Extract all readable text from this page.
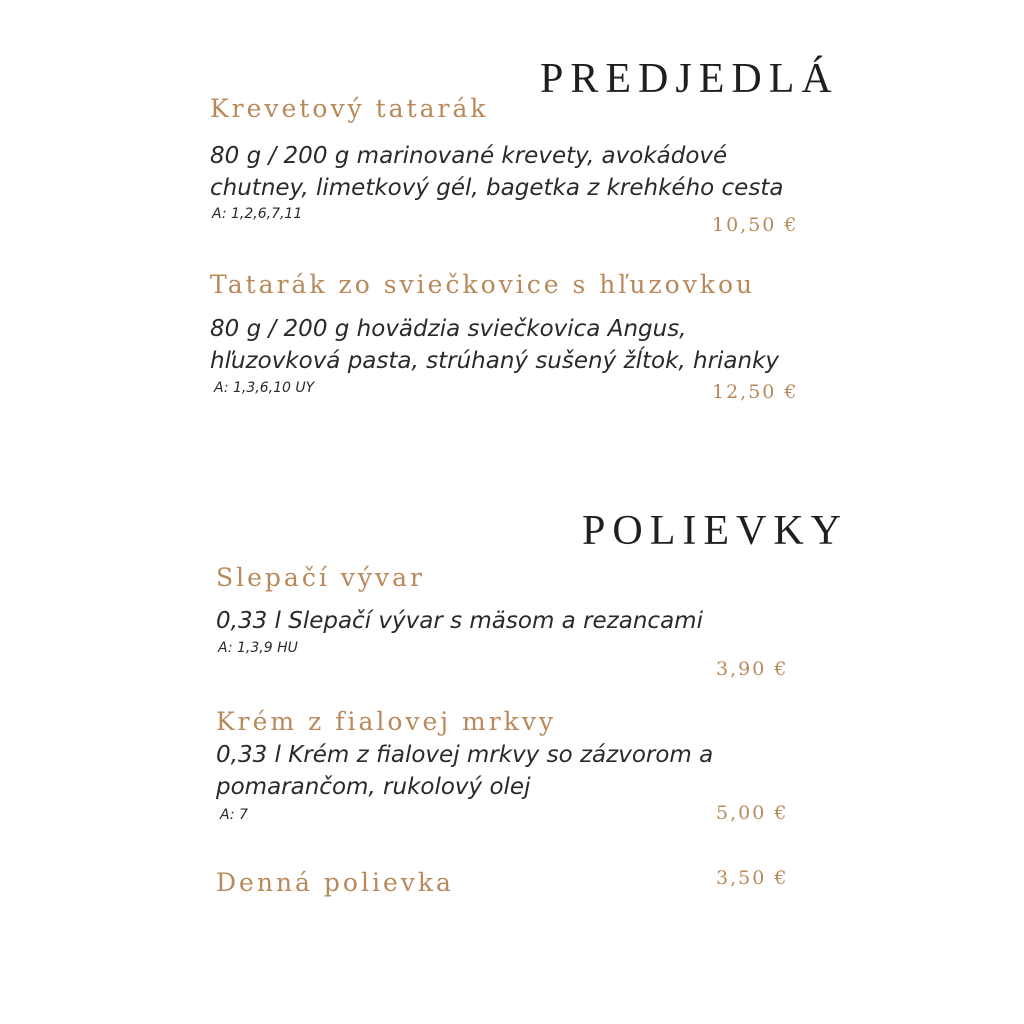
PREDJEDLÁ
Krevetový tatarák
80 g / 200 g marinované krevety, avokádové
chutney, limetkový gél, bagetka z krehkého cesta
A: 1,2,6,7,11	10,50 €
Tatarák zo sviečkovice s hľuzovkou
80 g / 200 g hovädzia sviečkovica Angus,
hľuzovková pasta, strúhaný sušený žĺtok, hrianky
A: 1,3,6,10 UY	12,50 €
POLIEVKY
Slepačí vývar
0,33 l Slepačí vývar s mäsom a rezancami
A: 1,3,9 HU
3,90 €
Krém z fialovej mrkvy
0,33 l Krém z fialovej mrkvy so zázvorom a
pomarančom, rukolový olej
A: 7	5,00 €
Denná polievka	3,50 €
